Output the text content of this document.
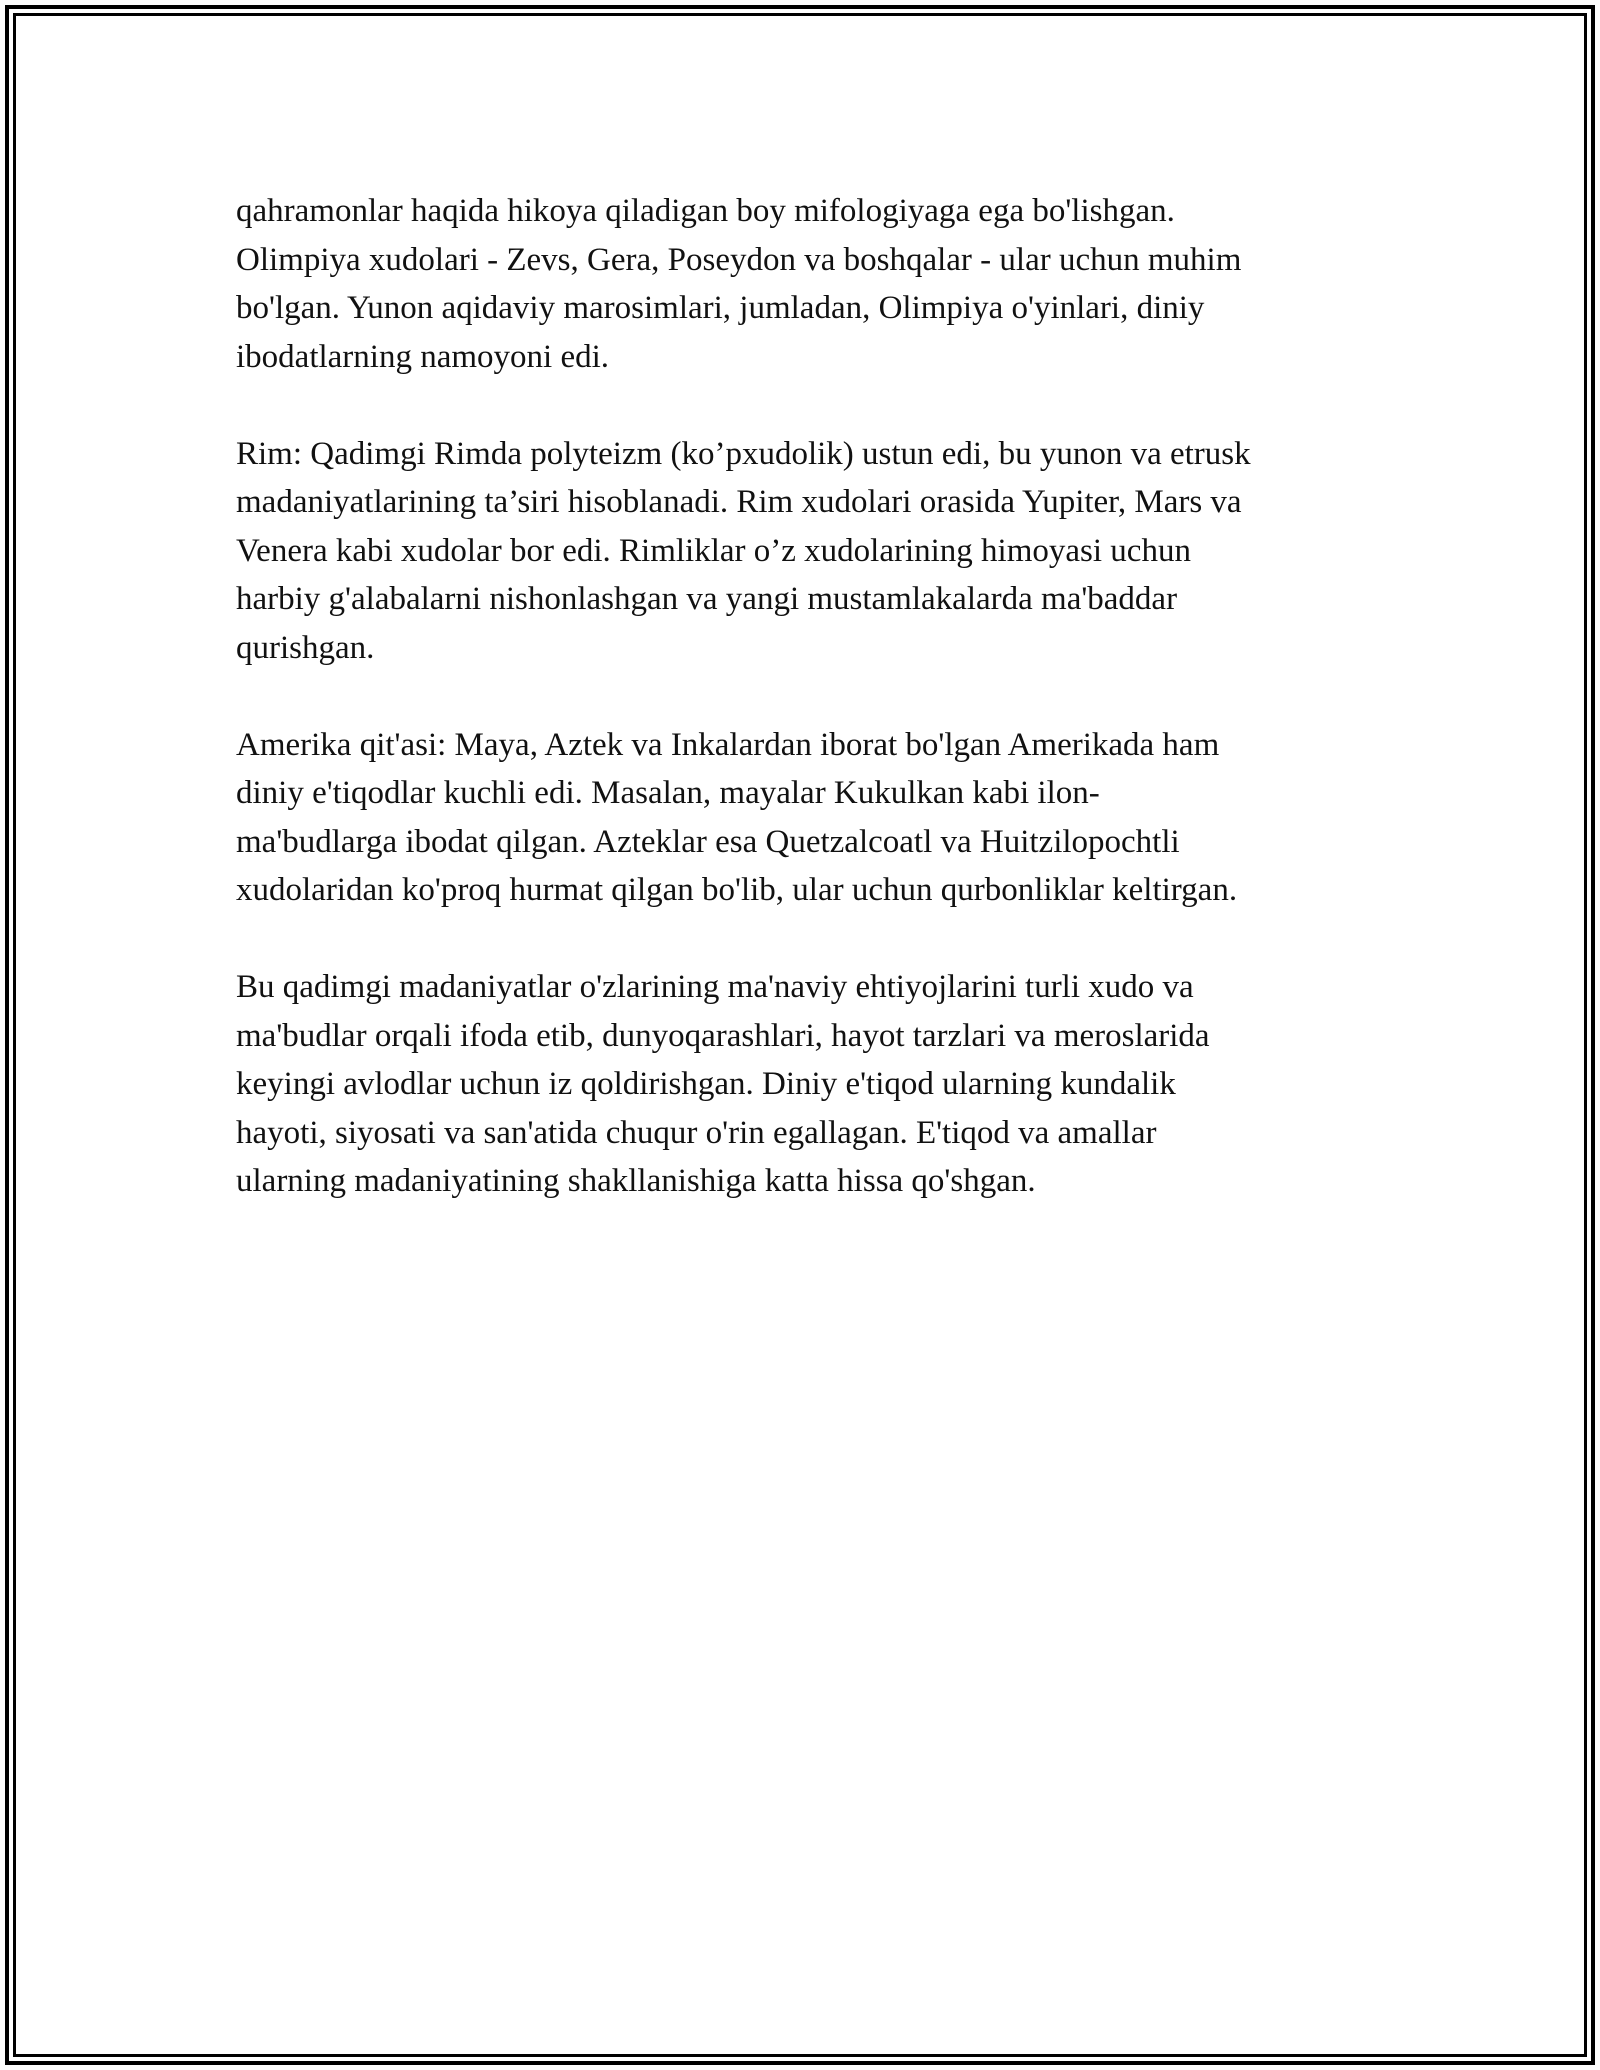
qahramonlar haqida hikoya qiladigan boy mifologiyaga ega bo'lishgan.
Olimpiya xudolari - Zevs, Gera, Poseydon va boshqalar - ular uchun muhim
bo'lgan. Yunon aqidaviy marosimlari, jumladan, Olimpiya o'yinlari, diniy
ibodatlarning namoyoni edi.

Rim: Qadimgi Rimda polyteizm (ko’pxudolik) ustun edi, bu yunon va etrusk
madaniyatlarining ta’siri hisoblanadi. Rim xudolari orasida Yupiter, Mars va
Venera kabi xudolar bor edi. Rimliklar o’z xudolarining himoyasi uchun
harbiy g'alabalarni nishonlashgan va yangi mustamlakalarda ma'baddar
qurishgan.

Amerika qit'asi: Maya, Aztek va Inkalardan iborat bo'lgan Amerikada ham
diniy e'tiqodlar kuchli edi. Masalan, mayalar Kukulkan kabi ilon-
ma'budlarga ibodat qilgan. Azteklar esa Quetzalcoatl va Huitzilopochtli
xudolaridan ko'proq hurmat qilgan bo'lib, ular uchun qurbonliklar keltirgan.

Bu qadimgi madaniyatlar o'zlarining ma'naviy ehtiyojlarini turli xudo va
ma'budlar orqali ifoda etib, dunyoqarashlari, hayot tarzlari va meroslarida
keyingi avlodlar uchun iz qoldirishgan. Diniy e'tiqod ularning kundalik
hayoti, siyosati va san'atida chuqur o'rin egallagan. E'tiqod va amallar
ularning madaniyatining shakllanishiga katta hissa qo'shgan.
